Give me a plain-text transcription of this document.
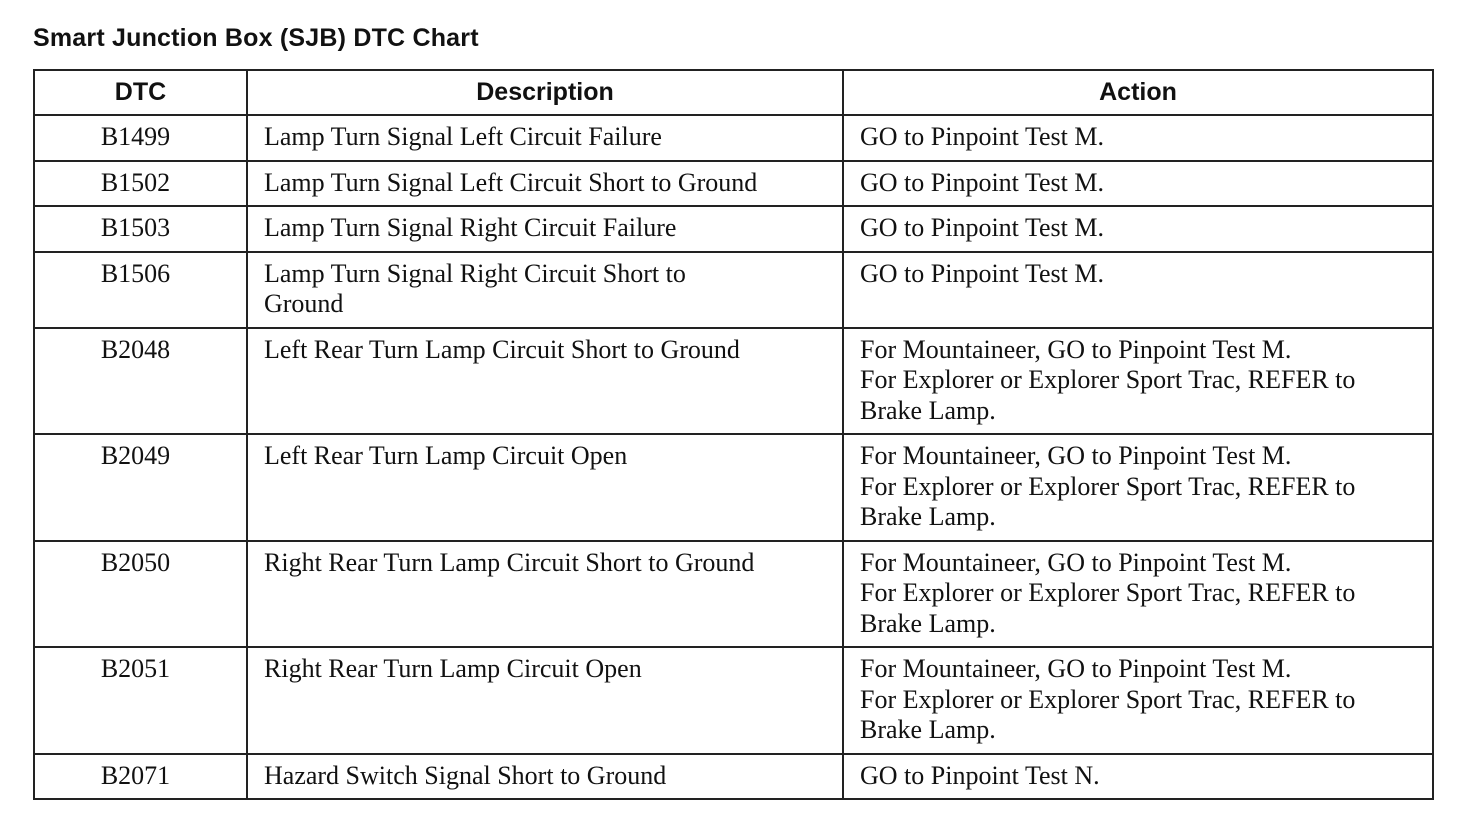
Smart Junction Box (SJB) DTC Chart
DTC	Description	Action
B1499	Lamp Turn Signal Left Circuit Failure	GO to Pinpoint Test M.

B1502	Lamp Turn Signal Left Circuit Short to Ground	GO to Pinpoint Test M.

B1503	Lamp Turn Signal Right Circuit Failure	GO to Pinpoint Test M.

B1506	Lamp Turn Signal Right Circuit Short to
Ground	GO to Pinpoint Test M.

B2048	Left Rear Turn Lamp Circuit Short to Ground	For Mountaineer, GO to Pinpoint Test M.
For Explorer or Explorer Sport Trac, REFER to
Brake Lamp.

B2049	Left Rear Turn Lamp Circuit Open	For Mountaineer, GO to Pinpoint Test M.
For Explorer or Explorer Sport Trac, REFER to
Brake Lamp.

B2050	Right Rear Turn Lamp Circuit Short to Ground	For Mountaineer, GO to Pinpoint Test M.
For Explorer or Explorer Sport Trac, REFER to
Brake Lamp.

B2051	Right Rear Turn Lamp Circuit Open	For Mountaineer, GO to Pinpoint Test M.
For Explorer or Explorer Sport Trac, REFER to
Brake Lamp.

B2071	Hazard Switch Signal Short to Ground	GO to Pinpoint Test N.
